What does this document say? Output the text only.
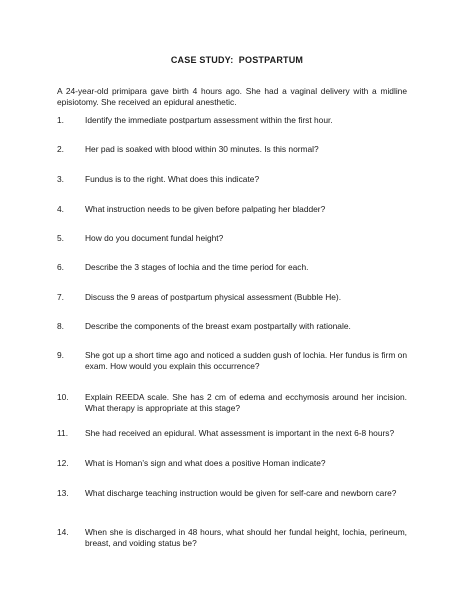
CASE STUDY:  POSTPARTUM
A 24-year-old primipara gave birth 4 hours ago. She had a vaginal delivery with a midline episiotomy. She received an epidural anesthetic.
1.	Identify the immediate postpartum assessment within the first hour.
2.	Her pad is soaked with blood within 30 minutes. Is this normal?
3.	Fundus is to the right. What does this indicate?
4.	What instruction needs to be given before palpating her bladder?
5.	How do you document fundal height?
6.	Describe the 3 stages of lochia and the time period for each.
7.	Discuss the 9 areas of postpartum physical assessment (Bubble He).
8.	Describe the components of the breast exam postpartally with rationale.
9.	She got up a short time ago and noticed a sudden gush of lochia. Her fundus is firm on exam. How would you explain this occurrence?
10.	Explain REEDA scale. She has 2 cm of edema and ecchymosis around her incision. What therapy is appropriate at this stage?
11.	She had received an epidural. What assessment is important in the next 6-8 hours?
12.	What is Homan’s sign and what does a positive Homan indicate?
13.	What discharge teaching instruction would be given for self-care and newborn care?
14.	When she is discharged in 48 hours, what should her fundal height, lochia, perineum, breast, and voiding status be?
